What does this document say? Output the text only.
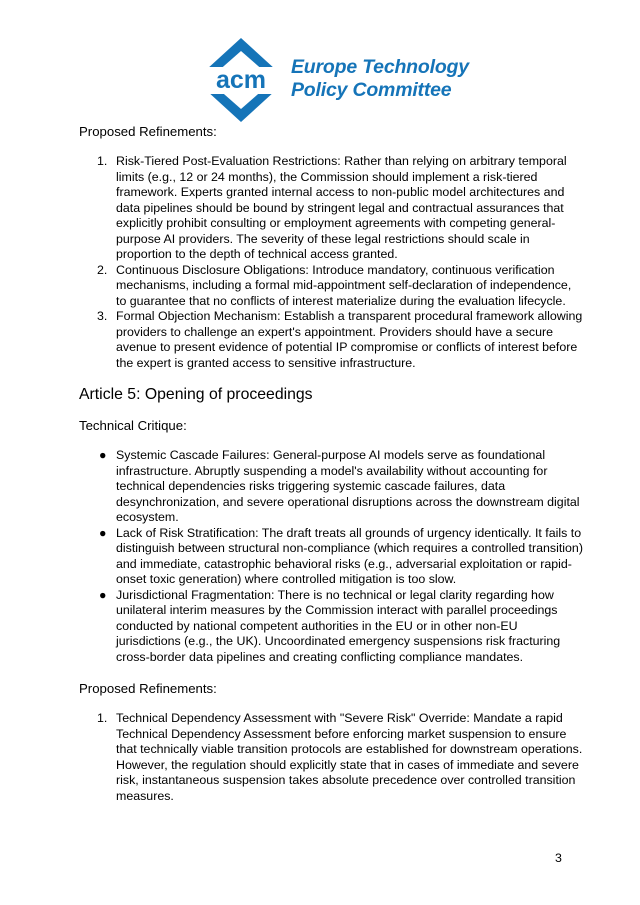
acm Europe Technology
Policy Committee
Proposed Refinements:
1. Risk-Tiered Post-Evaluation Restrictions: Rather than relying on arbitrary temporal
limits (e.g., 12 or 24 months), the Commission should implement a risk-tiered
framework. Experts granted internal access to non-public model architectures and
data pipelines should be bound by stringent legal and contractual assurances that
explicitly prohibit consulting or employment agreements with competing general-
purpose AI providers. The severity of these legal restrictions should scale in
proportion to the depth of technical access granted.
2. Continuous Disclosure Obligations: Introduce mandatory, continuous verification
mechanisms, including a formal mid-appointment self-declaration of independence,
to guarantee that no conflicts of interest materialize during the evaluation lifecycle.
3. Formal Objection Mechanism: Establish a transparent procedural framework allowing
providers to challenge an expert's appointment. Providers should have a secure
avenue to present evidence of potential IP compromise or conflicts of interest before
the expert is granted access to sensitive infrastructure.
Article 5: Opening of proceedings
Technical Critique:
● Systemic Cascade Failures: General-purpose AI models serve as foundational
infrastructure. Abruptly suspending a model's availability without accounting for
technical dependencies risks triggering systemic cascade failures, data
desynchronization, and severe operational disruptions across the downstream digital
ecosystem.
● Lack of Risk Stratification: The draft treats all grounds of urgency identically. It fails to
distinguish between structural non-compliance (which requires a controlled transition)
and immediate, catastrophic behavioral risks (e.g., adversarial exploitation or rapid-
onset toxic generation) where controlled mitigation is too slow.
● Jurisdictional Fragmentation: There is no technical or legal clarity regarding how
unilateral interim measures by the Commission interact with parallel proceedings
conducted by national competent authorities in the EU or in other non-EU
jurisdictions (e.g., the UK). Uncoordinated emergency suspensions risk fracturing
cross-border data pipelines and creating conflicting compliance mandates.
Proposed Refinements:
1. Technical Dependency Assessment with "Severe Risk" Override: Mandate a rapid
Technical Dependency Assessment before enforcing market suspension to ensure
that technically viable transition protocols are established for downstream operations.
However, the regulation should explicitly state that in cases of immediate and severe
risk, instantaneous suspension takes absolute precedence over controlled transition
measures.
3
